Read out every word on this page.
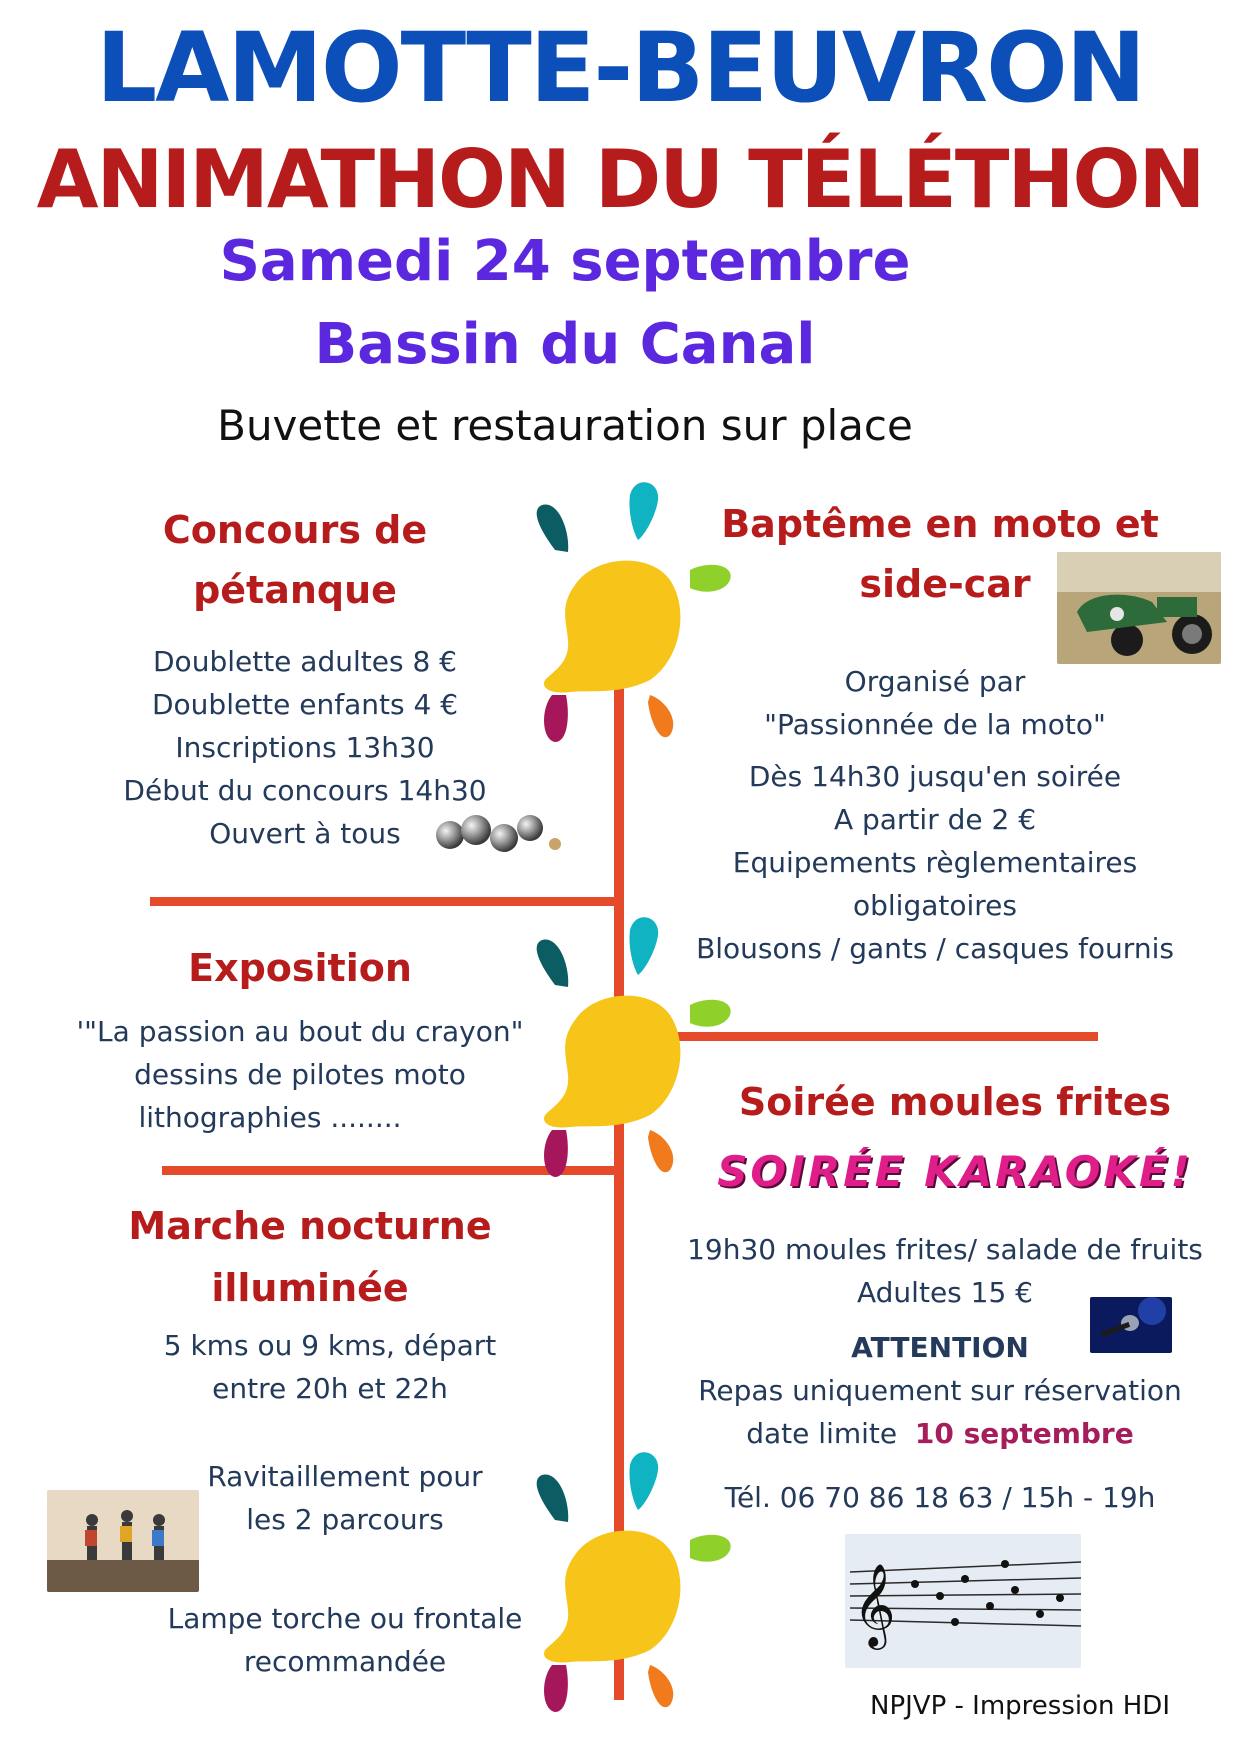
LAMOTTE-BEUVRON
ANIMATHON DU TÉLÉTHON
Samedi 24 septembre
Bassin du Canal
Buvette et restauration sur place
Concours de
pétanque
Doublette adultes 8 €
Doublette enfants 4 €
Inscriptions 13h30
Début du concours 14h30
Ouvert à tous
Baptême en moto et
side-car
Organisé par
"Passionnée de la moto"
Dès 14h30 jusqu'en soirée
A partir de 2 €
Equipements règlementaires
obligatoires
Blousons / gants / casques fournis
Exposition
'"La passion au bout du crayon"
dessins de pilotes moto
lithographies ........	Soirée moules frites
SOIRÉE KARAOKÉ!
19h30 moules frites/ salade de fruits
Adultes 15 €
ATTENTION
Repas uniquement sur réservation
date limite 10 septembre
Tél. 06 70 86 18 63 / 15h - 19h
𝄞
Marche nocturne
illuminée
5 kms ou 9 kms, départ
entre 20h et 22h
Ravitaillement pour
les 2 parcours
Lampe torche ou frontale
recommandée
NPJVP - Impression HDI
